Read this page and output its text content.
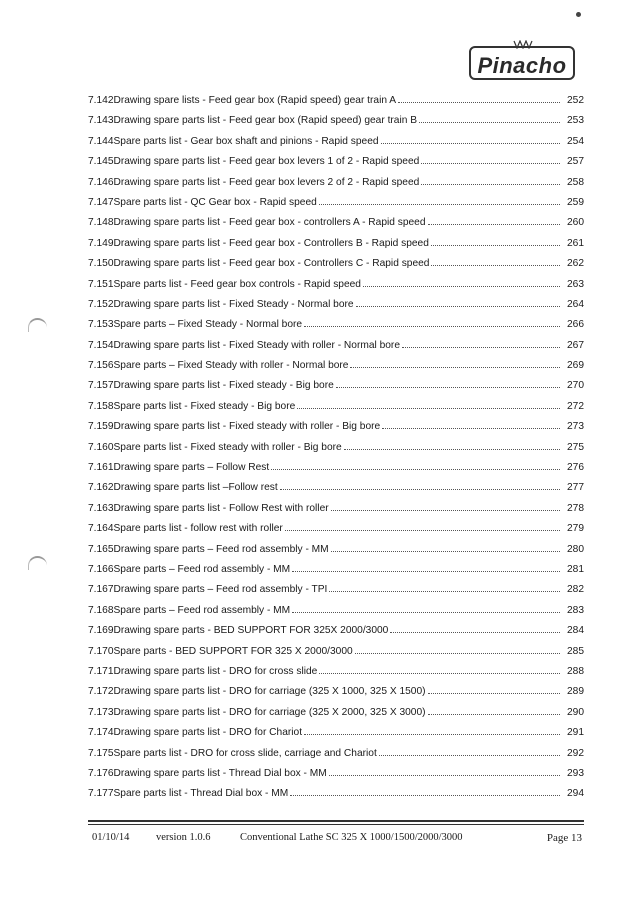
Pinacho
7.142 Drawing spare lists - Feed gear box (Rapid speed) gear train A	252
7.143 Drawing spare parts list - Feed gear box (Rapid speed) gear train B	253
7.144 Spare parts list - Gear box shaft and pinions - Rapid speed	254
7.145 Drawing spare parts list - Feed gear box levers 1 of 2 - Rapid speed	257
7.146 Drawing spare parts list - Feed gear box levers 2 of 2 - Rapid speed	258
7.147 Spare parts list - QC Gear box - Rapid speed	259
7.148 Drawing spare parts list - Feed gear box - controllers A - Rapid speed	260
7.149 Drawing spare parts list - Feed gear box - Controllers B - Rapid speed	261
7.150 Drawing spare parts list - Feed gear box - Controllers C - Rapid speed	262
7.151 Spare parts list - Feed gear box controls - Rapid speed	263
7.152 Drawing spare parts list - Fixed Steady - Normal bore	264
7.153 Spare parts – Fixed Steady - Normal bore	266
7.154 Drawing spare parts list - Fixed Steady with roller - Normal bore	267
7.156 Spare parts – Fixed Steady with roller - Normal bore	269
7.157 Drawing spare parts list - Fixed steady - Big bore	270
7.158 Spare parts list - Fixed steady - Big bore	272
7.159 Drawing spare parts list - Fixed steady with roller - Big bore	273
7.160 Spare parts list - Fixed steady with roller - Big bore	275
7.161 Drawing spare parts – Follow Rest	276
7.162 Drawing spare parts list –Follow rest	277
7.163 Drawing spare parts list - Follow Rest with roller	278
7.164 Spare parts list - follow rest with roller	279
7.165 Drawing spare parts – Feed rod assembly - MM	280
7.166 Spare parts – Feed rod assembly - MM	281
7.167 Drawing spare parts – Feed rod assembly - TPI	282
7.168 Spare parts – Feed rod assembly - MM	283
7.169 Drawing spare parts - BED SUPPORT FOR 325X 2000/3000	284
7.170 Spare parts - BED SUPPORT FOR 325 X 2000/3000	285
7.171 Drawing spare parts list - DRO for cross slide	288
7.172 Drawing spare parts list - DRO for carriage (325 X 1000, 325 X 1500)	289
7.173 Drawing spare parts list - DRO for carriage (325 X 2000, 325 X 3000)	290
7.174 Drawing spare parts list - DRO for Chariot	291
7.175 Spare parts list - DRO for cross slide, carriage and Chariot	292
7.176 Drawing spare parts list - Thread Dial box - MM	293
7.177 Spare parts list - Thread Dial box - MM	294
01/10/14	version 1.0.6	Conventional Lathe SC 325 X 1000/1500/2000/3000	Page 13
